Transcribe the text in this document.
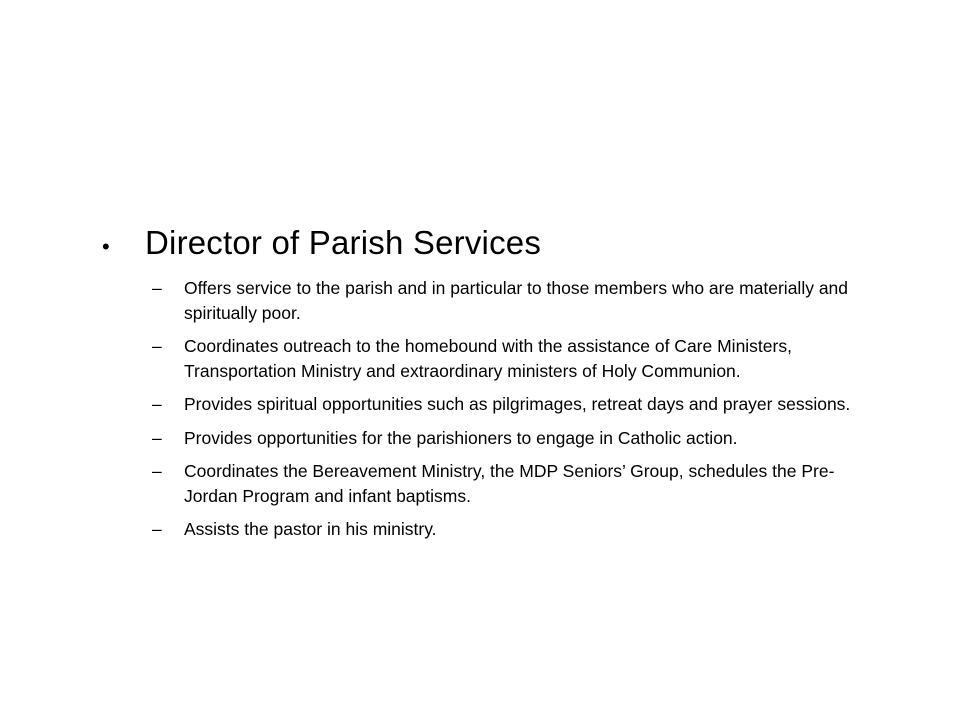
•	Director of Parish Services
–	Offers service to the parish and in particular to those members who are materially and spiritually poor.
–	Coordinates outreach to the homebound with the assistance of Care Ministers, Transportation Ministry and extraordinary ministers of Holy Communion.
–	Provides spiritual opportunities such as pilgrimages, retreat days and prayer sessions.
–	Provides opportunities for the parishioners to engage in Catholic action.
–	Coordinates the Bereavement Ministry, the MDP Seniors’ Group, schedules the Pre-Jordan Program and infant baptisms.
–	Assists the pastor in his ministry.
